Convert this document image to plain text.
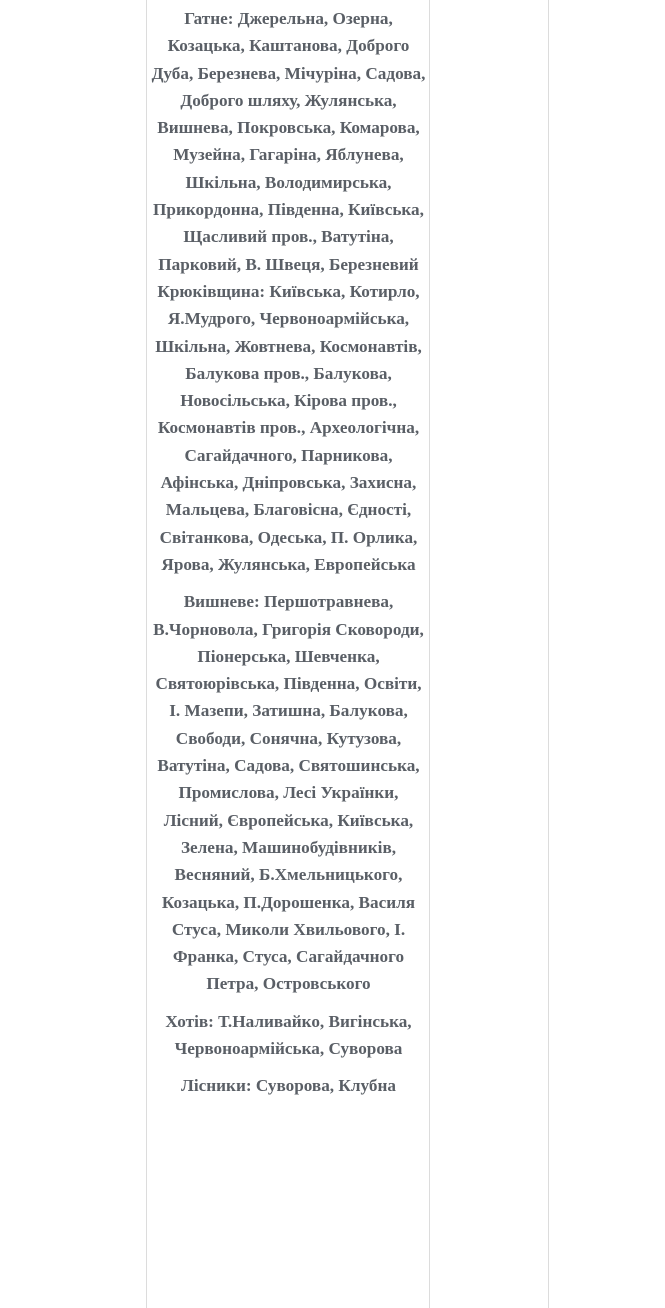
Гатне: Джерельна, Озерна, Козацька, Каштанова, Доброго Дуба, Березнева, Мічуріна, Садова, Доброго шляху, Жулянська, Вишнева, Покровська, Комарова, Музейна, Гагаріна, Яблунева, Шкільна, Володимирська, Прикордонна, Південна, Київська, Щасливий пров., Ватутіна, Парковий, В. Швеця, Березневий

Крюківщина: Київська, Котирло, Я.Мудрого, Червоноармійська, Шкільна, Жовтнева, Космонавтів, Балукова пров., Балукова, Новосільська, Кірова пров., Космонавтів пров., Археологічна, Сагайдачного, Парникова, Афінська, Дніпровська, Захисна, Мальцева, Благовісна, Єдності, Світанкова, Одеська, П. Орлика, Ярова, Жулянська, Европейська

Вишневе: Першотравнева, В.Чорновола, Григорія Сковороди, Піонерська, Шевченка, Святоюрівська, Південна, Освіти, І. Мазепи, Затишна, Балукова, Свободи, Сонячна, Кутузова, Ватутіна, Садова, Святошинська, Промислова, Лесі Українки, Лісний, Європейська, Київська, Зелена, Машинобудівників, Весняний, Б.Хмельницького, Козацька, П.Дорошенка, Василя Стуса, Миколи Хвильового, І. Франка, Стуса, Сагайдачного Петра, Островського

Хотів: Т.Наливайко, Вигінська, Червоноармійська, Суворова

Лісники: Суворова, Клубна
